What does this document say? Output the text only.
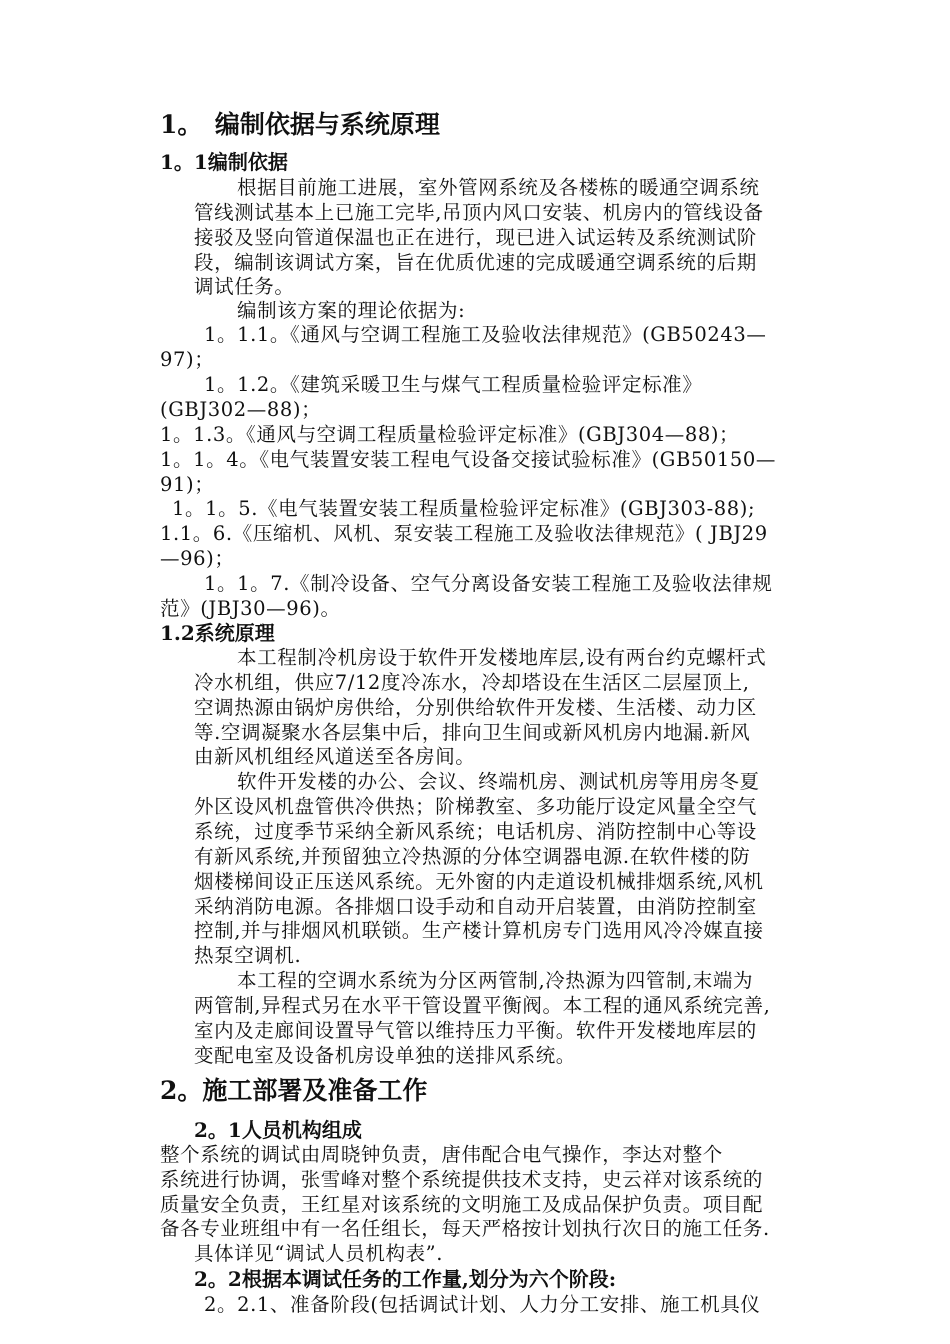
1。　编制依据与系统原理
1。1编制依据
根据目前施工进展，室外管网系统及各楼栋的暖通空调系统
管线测试基本上已施工完毕,吊顶内风口安装、机房内的管线设备
接驳及竖向管道保温也正在进行，现已进入试运转及系统测试阶
段，编制该调试方案，旨在优质优速的完成暖通空调系统的后期
调试任务。
编制该方案的理论依据为:
1。1.1。《通风与空调工程施工及验收法律规范》(GB50243—
97)；
1。1.2。《建筑采暖卫生与煤气工程质量检验评定标准》
(GBJ302—88)；
1。1.3。《通风与空调工程质量检验评定标准》(GBJ304—88)；
1。1。4。《电气装置安装工程电气设备交接试验标准》(GB50150—
91)；
1。1。5.《电气装置安装工程质量检验评定标准》(GBJ303-88);
1.1。6.《压缩机、风机、泵安装工程施工及验收法律规范》( JBJ29
—96)；
1。1。7.《制冷设备、空气分离设备安装工程施工及验收法律规
范》(JBJ30—96)。
1.2系统原理
本工程制冷机房设于软件开发楼地库层,设有两台约克螺杆式
冷水机组，供应7/12度冷冻水，冷却塔设在生活区二层屋顶上,
空调热源由锅炉房供给，分别供给软件开发楼、生活楼、动力区
等.空调凝聚水各层集中后，排向卫生间或新风机房内地漏.新风
由新风机组经风道送至各房间。
软件开发楼的办公、会议、终端机房、测试机房等用房冬夏
外区设风机盘管供冷供热；阶梯教室、多功能厅设定风量全空气
系统，过度季节采纳全新风系统；电话机房、消防控制中心等设
有新风系统,并预留独立冷热源的分体空调器电源.在软件楼的防
烟楼梯间设正压送风系统。无外窗的内走道设机械排烟系统,风机
采纳消防电源。各排烟口设手动和自动开启装置，由消防控制室
控制,并与排烟风机联锁。生产楼计算机房专门选用风冷冷媒直接
热泵空调机.
本工程的空调水系统为分区两管制,冷热源为四管制,末端为
两管制,异程式另在水平干管设置平衡阀。本工程的通风系统完善,
室内及走廊间设置导气管以维持压力平衡。软件开发楼地库层的
变配电室及设备机房设单独的送排风系统。
2。施工部署及准备工作
2。1人员机构组成
整个系统的调试由周晓钟负责，唐伟配合电气操作，李达对整个
系统进行协调，张雪峰对整个系统提供技术支持，史云祥对该系统的
质量安全负责，王红星对该系统的文明施工及成品保护负责。项目配
备各专业班组中有一名任组长，每天严格按计划执行次日的施工任务.
具体详见“调试人员机构表”.
2。2根据本调试任务的工作量,划分为六个阶段:
2。2.1、准备阶段(包括调试计划、人力分工安排、施工机具仪
